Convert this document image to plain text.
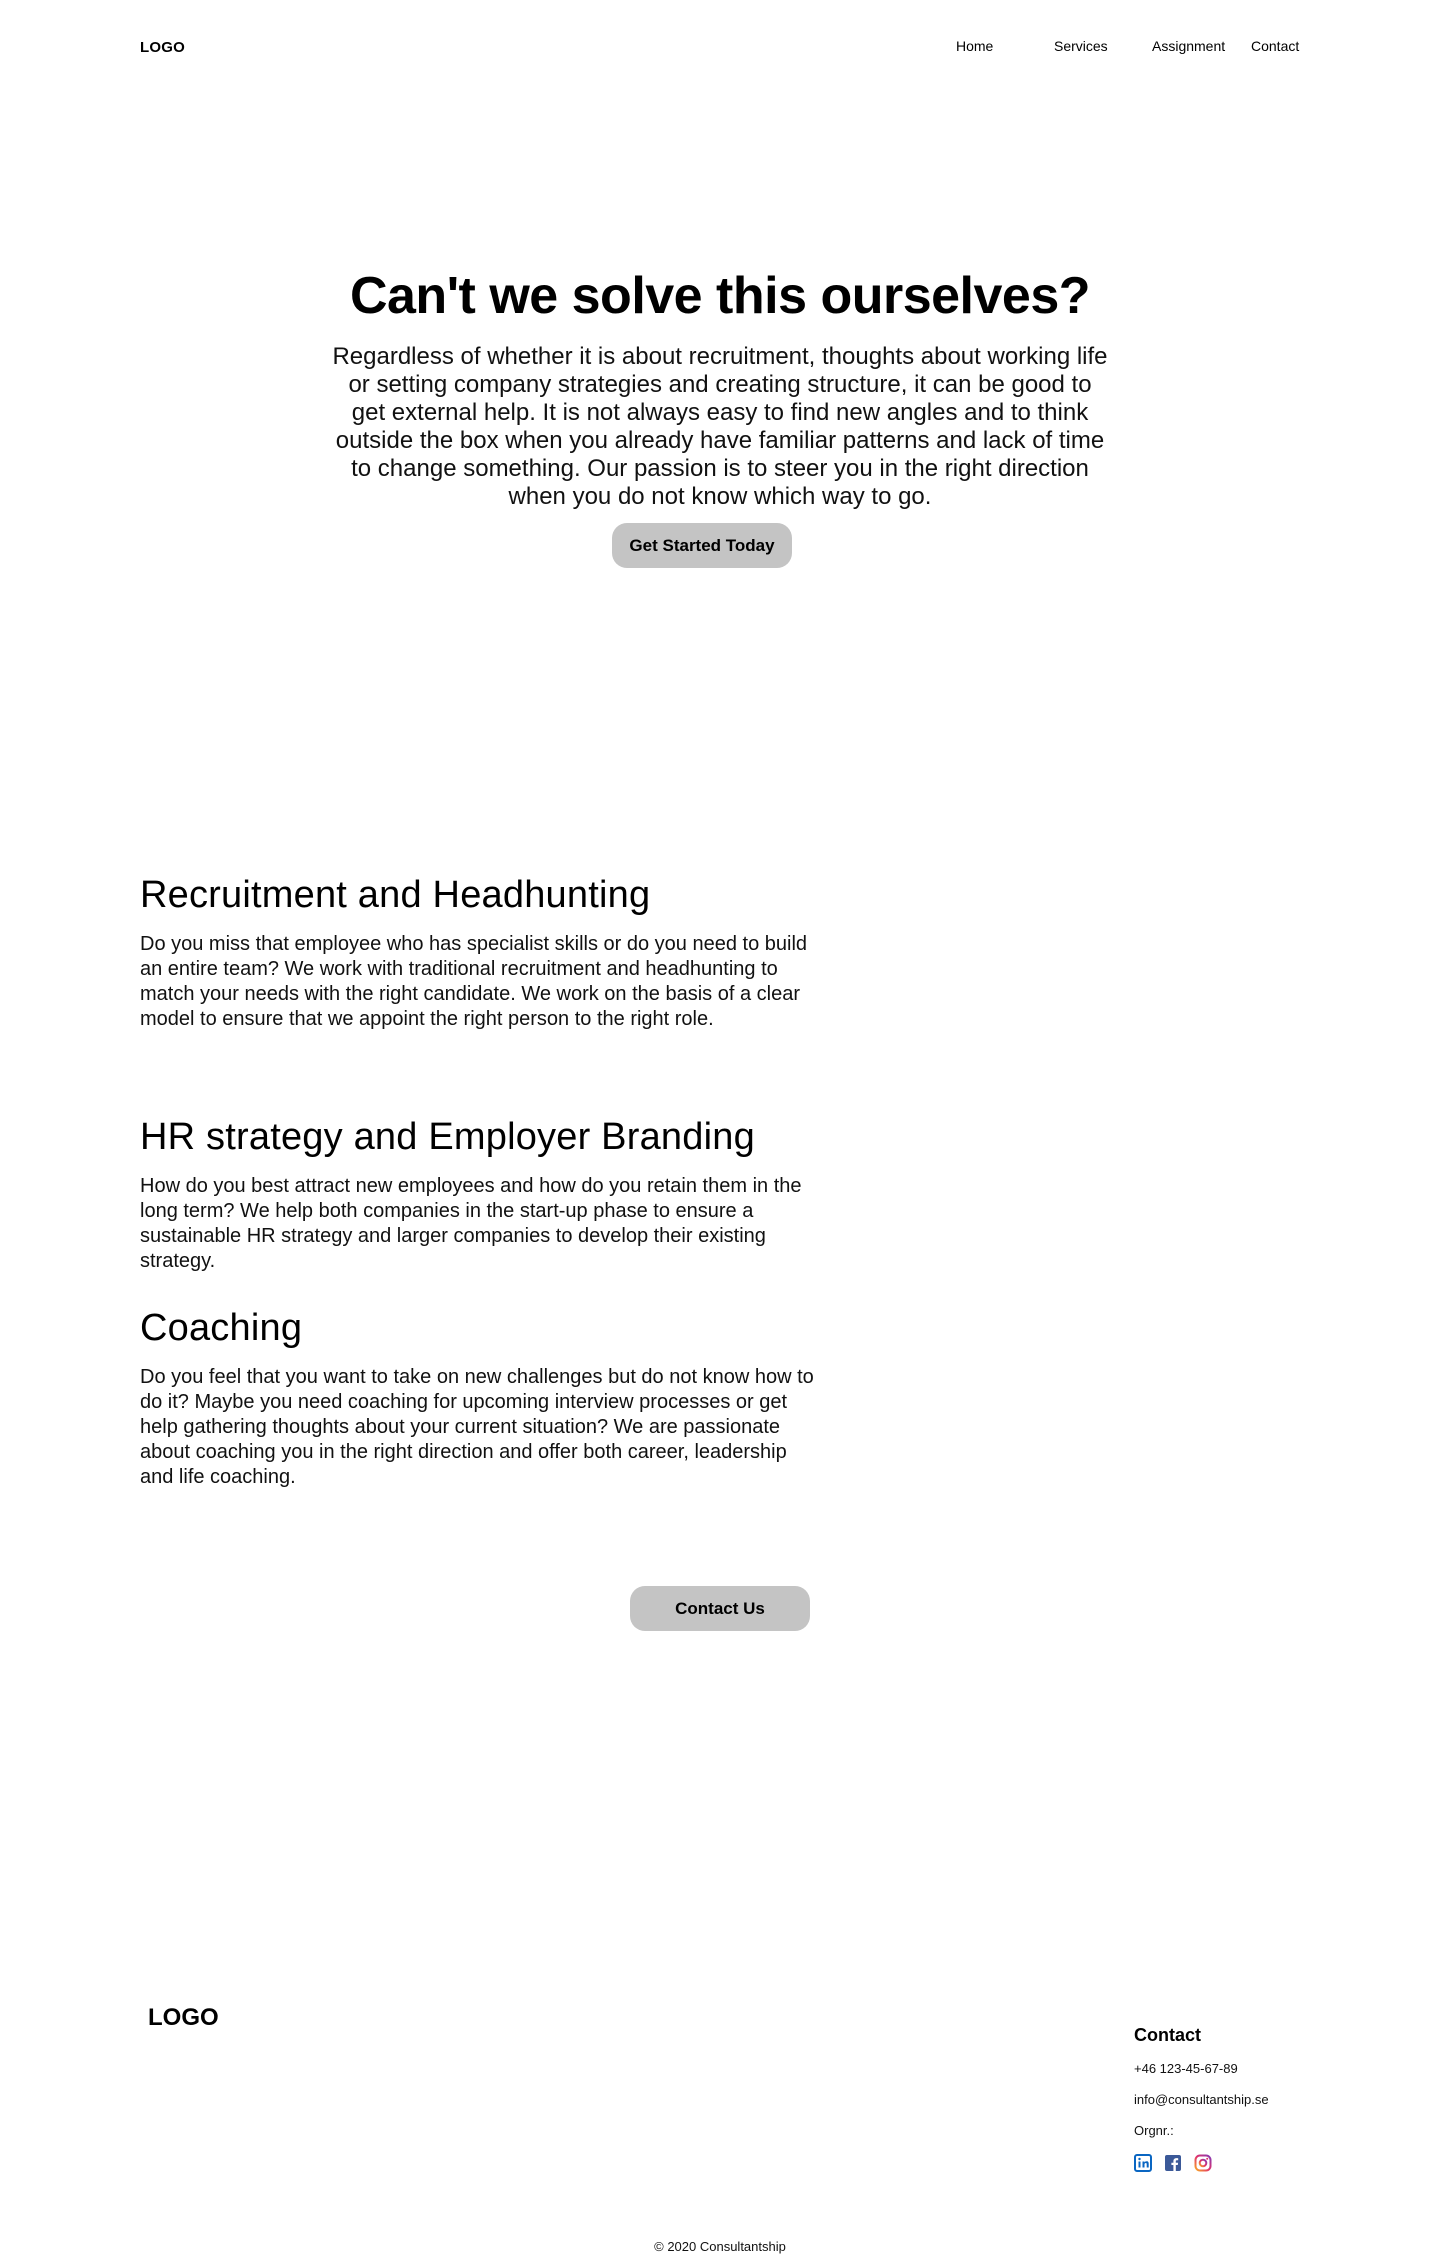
LOGO	Home	Services	Assignment Contact
Can't we solve this ourselves?

Regardless of whether it is about recruitment, thoughts about working life or setting company strategies and creating structure, it can be good to get external help. It is not always easy to find new angles and to think outside the box when you already have familiar patterns and lack of time to change something. Our passion is to steer you in the right direction when you do not know which way to go.

Get Started Today
Recruitment and Headhunting

Do you miss that employee who has specialist skills or do you need to build an entire team? We work with traditional recruitment and headhunting to match your needs with the right candidate. We work on the basis of a clear model to ensure that we appoint the right person to the right role.

HR strategy and Employer Branding

How do you best attract new employees and how do you retain them in the long term? We help both companies in the start-up phase to ensure a sustainable HR strategy and larger companies to develop their existing strategy.

Coaching

Do you feel that you want to take on new challenges but do not know how to do it? Maybe you need coaching for upcoming interview processes or get help gathering thoughts about your current situation? We are passionate about coaching you in the right direction and offer both career, leadership and life coaching.

Contact Us
LOGO
Contact
+46 123-45-67-89
info@consultantship.se
Orgnr.:
© 2020 Consultantship
